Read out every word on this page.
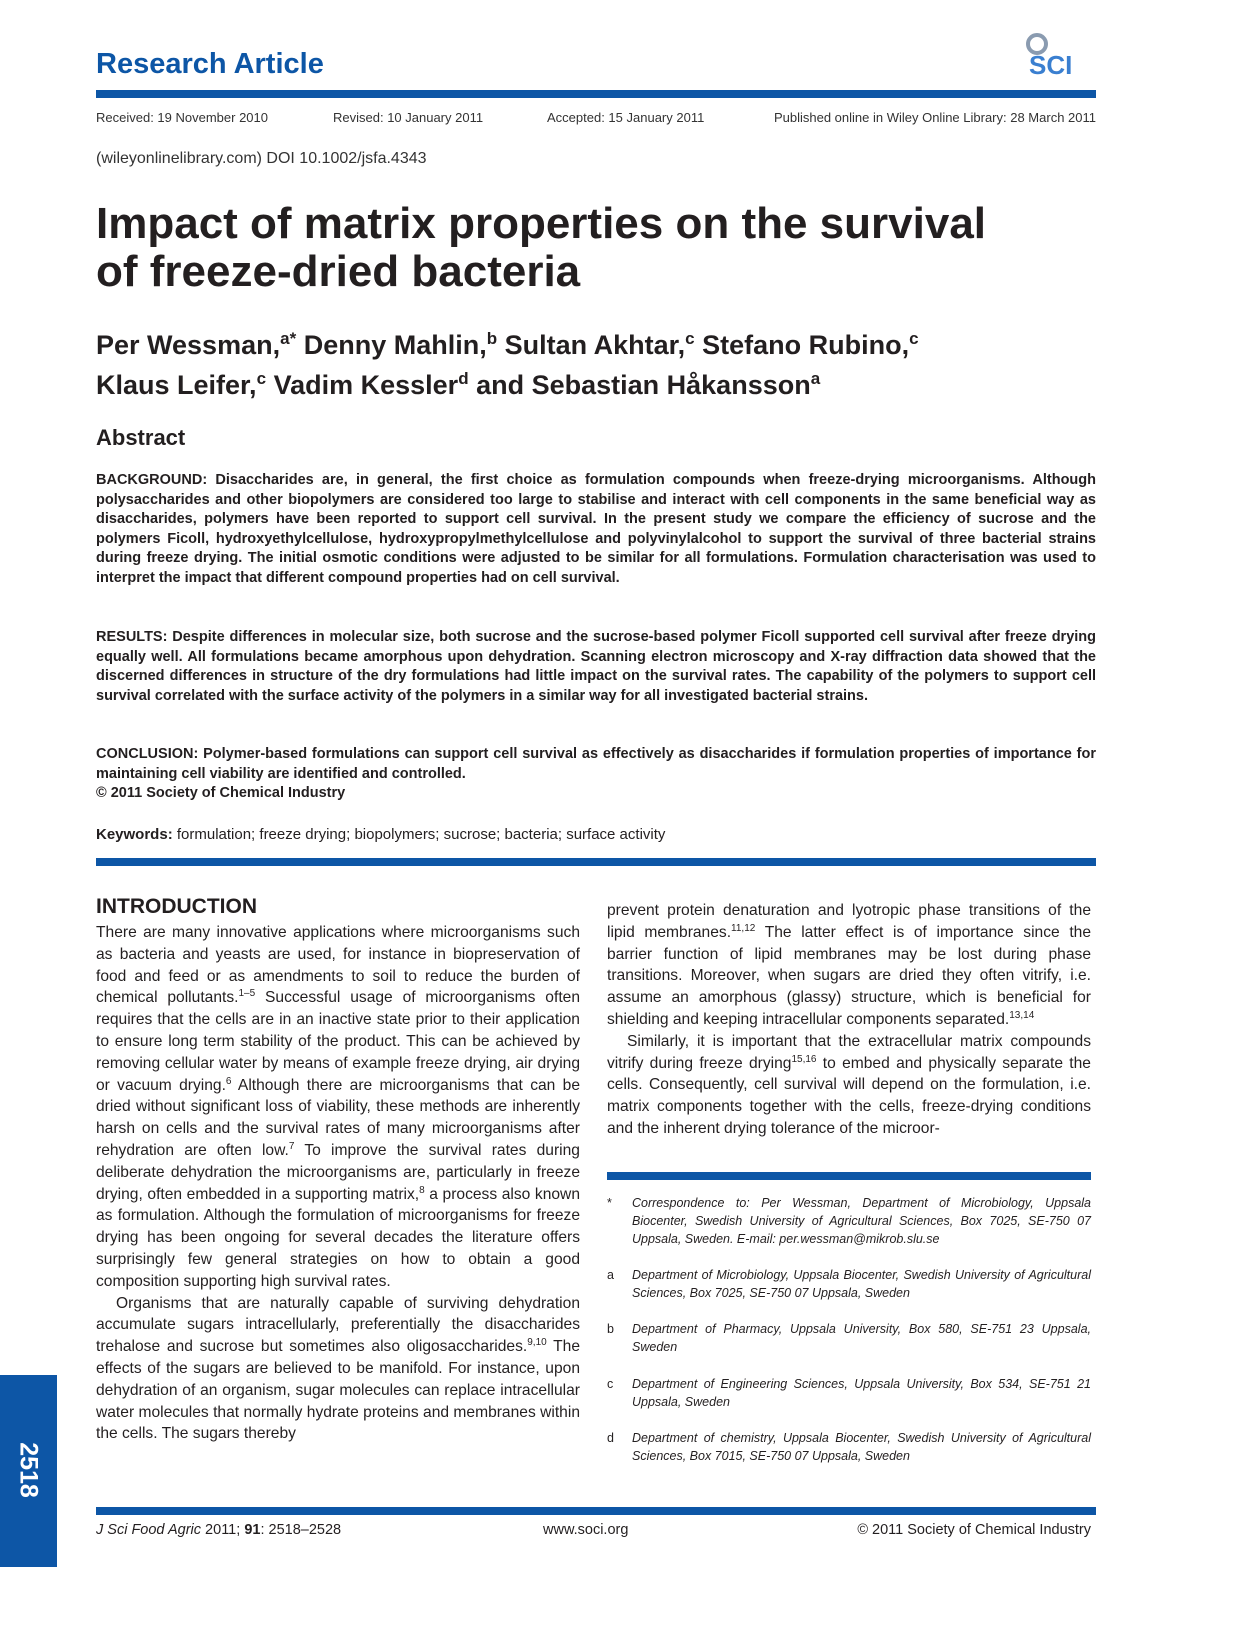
Research Article	SCI
Received: 19 November 2010	Revised: 10 January 2011	Accepted: 15 January 2011	Published online in Wiley Online Library: 28 March 2011
(wileyonlinelibrary.com) DOI 10.1002/jsfa.4343
Impact of matrix properties on the survival
of freeze-dried bacteria
Per Wessman,$^{a*}$ Denny Mahlin,$^b$ Sultan Akhtar,$^c$ Stefano Rubino,$^c$
Klaus Leifer,$^c$ Vadim Kessler$^d$ and Sebastian Håkansson$^a$
Abstract
BACKGROUND: Disaccharides are, in general, the first choice as formulation compounds when freeze-drying microorganisms. Although polysaccharides and other biopolymers are considered too large to stabilise and interact with cell components in the same beneficial way as disaccharides, polymers have been reported to support cell survival. In the present study we compare the efficiency of sucrose and the polymers Ficoll, hydroxyethylcellulose, hydroxypropylmethylcellulose and polyvinylalcohol to support the survival of three bacterial strains during freeze drying. The initial osmotic conditions were adjusted to be similar for all formulations. Formulation characterisation was used to interpret the impact that different compound properties had on cell survival.
RESULTS: Despite differences in molecular size, both sucrose and the sucrose-based polymer Ficoll supported cell survival after freeze drying equally well. All formulations became amorphous upon dehydration. Scanning electron microscopy and X-ray diffraction data showed that the discerned differences in structure of the dry formulations had little impact on the survival rates. The capability of the polymers to support cell survival correlated with the surface activity of the polymers in a similar way for all investigated bacterial strains.
CONCLUSION: Polymer-based formulations can support cell survival as effectively as disaccharides if formulation properties of importance for maintaining cell viability are identified and controlled.
© 2011 Society of Chemical Industry
Keywords: formulation; freeze drying; biopolymers; sucrose; bacteria; surface activity
INTRODUCTION

There are many innovative applications where microorganisms such as bacteria and yeasts are used, for instance in biopreservation of food and feed or as amendments to soil to reduce the burden of chemical pollutants.$^{1-5}$ Successful usage of microorganisms often requires that the cells are in an inactive state prior to their application to ensure long term stability of the product. This can be achieved by removing cellular water by means of example freeze drying, air drying or vacuum drying.$^6$ Although there are microorganisms that can be dried without significant loss of viability, these methods are inherently harsh on cells and the survival rates of many microorganisms after rehydration are often low.$^7$ To improve the survival rates during deliberate dehydration the microorganisms are, particularly in freeze drying, often embedded in a supporting matrix,$^8$ a process also known as formulation. Although the formulation of microorganisms for freeze drying has been ongoing for several decades the literature offers surprisingly few general strategies on how to obtain a good composition supporting high survival rates.

Organisms that are naturally capable of surviving dehydration accumulate sugars intracellularly, preferentially the disaccharides trehalose and sucrose but sometimes also oligosaccharides.$^{9,10}$ The effects of the sugars are believed to be manifold. For instance, upon dehydration of an organism, sugar molecules can replace intracellular water molecules that normally hydrate proteins and membranes within the cells. The sugars thereby

prevent protein denaturation and lyotropic phase transitions of the lipid membranes.$^{11,12}$ The latter effect is of importance since the barrier function of lipid membranes may be lost during phase transitions. Moreover, when sugars are dried they often vitrify, i.e. assume an amorphous (glassy) structure, which is beneficial for shielding and keeping intracellular components separated.$^{13,14}$

Similarly, it is important that the extracellular matrix compounds vitrify during freeze drying$^{15,16}$ to embed and physically separate the cells. Consequently, cell survival will depend on the formulation, i.e. matrix components together with the cells, freeze-drying conditions and the inherent drying tolerance of the microor-

*	Correspondence to: Per Wessman, Department of Microbiology, Uppsala Biocenter, Swedish University of Agricultural Sciences, Box 7025, SE-750 07 Uppsala, Sweden. E-mail: per.wessman@mikrob.slu.se
a	Department of Microbiology, Uppsala Biocenter, Swedish University of Agricultural Sciences, Box 7025, SE-750 07 Uppsala, Sweden
b	Department of Pharmacy, Uppsala University, Box 580, SE-751 23 Uppsala, Sweden
c	Department of Engineering Sciences, Uppsala University, Box 534, SE-751 21 Uppsala, Sweden
d	Department of chemistry, Uppsala Biocenter, Swedish University of Agricultural Sciences, Box 7015, SE-750 07 Uppsala, Sweden
2518
J Sci Food Agric 2011; 91: 2518–2528	www.soci.org	© 2011 Society of Chemical Industry
